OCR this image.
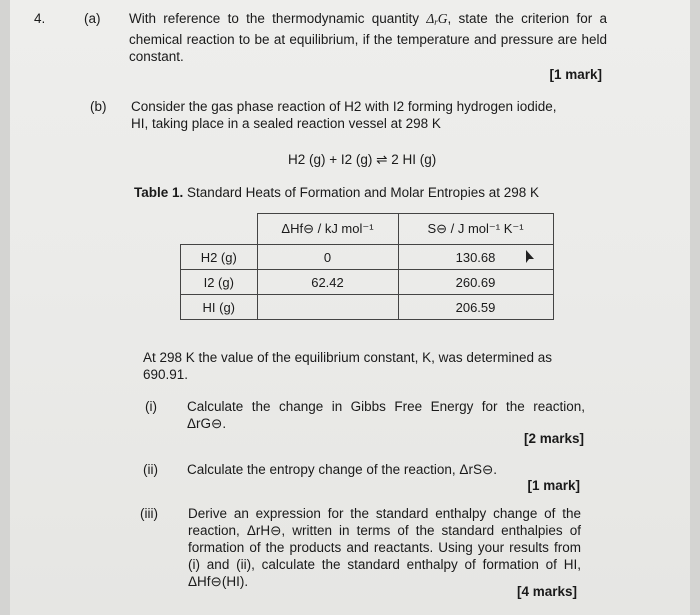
4.	(a) With reference to the thermodynamic quantity $\Delta_rG$, state the criterion for a chemical reaction to be at equilibrium, if the temperature and pressure are held constant.
[1 mark]
(b) Consider the gas phase reaction of H2 with I2 forming hydrogen iodide,
HI, taking place in a sealed reaction vessel at 298 K
H2 (g) + I2 (g) ⇌ 2 HI (g)
Table 1. Standard Heats of Formation and Molar Entropies at 298 K
	ΔHf⊖ / kJ mol⁻¹	S⊖ / J mol⁻¹ K⁻¹
H2 (g)	0	130.68
I2 (g)	62.42	260.69
HI (g)		206.59
At 298 K the value of the equilibrium constant, K, was determined as 690.91.
(i) Calculate the change in Gibbs Free Energy for the reaction, ΔrG⊖.
[2 marks]
(ii) Calculate the entropy change of the reaction, ΔrS⊖.
[1 mark]
(iii) Derive an expression for the standard enthalpy change of the reaction, ΔrH⊖, written in terms of the standard enthalpies of formation of the products and reactants. Using your results from (i) and (ii), calculate the standard enthalpy of formation of HI, ΔHf⊖(HI).
[4 marks]
